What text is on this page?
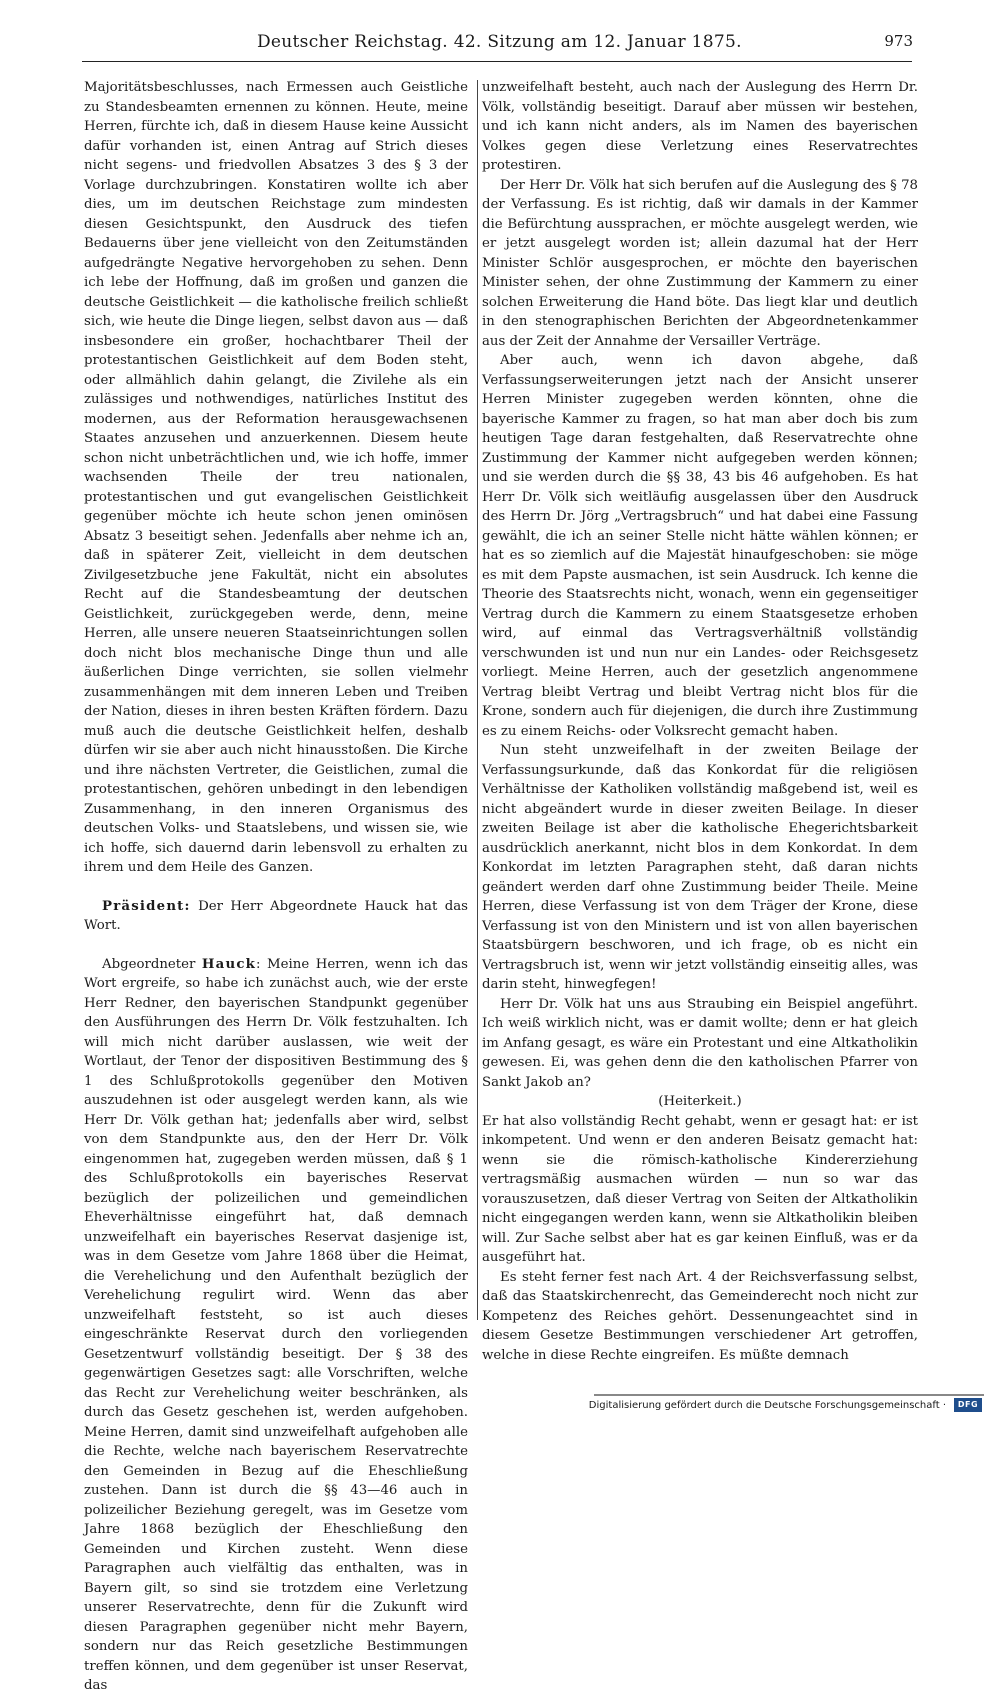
Deutscher Reichstag. 42. Sitzung am 12. Januar 1875.	973

Majoritätsbeschlusses, nach Ermessen auch Geistliche zu Standesbeamten ernennen zu können. Heute, meine Herren, fürchte ich, daß in diesem Hause keine Aussicht dafür vorhanden ist, einen Antrag auf Strich dieses nicht segens- und friedvollen Absatzes 3 des § 3 der Vorlage durchzubringen. Konstatiren wollte ich aber dies, um im deutschen Reichstage zum mindesten diesen Gesichtspunkt, den Ausdruck des tiefen Bedauerns über jene vielleicht von den Zeitumständen aufgedrängte Negative hervorgehoben zu sehen. Denn ich lebe der Hoffnung, daß im großen und ganzen die deutsche Geistlichkeit — die katholische freilich schließt sich, wie heute die Dinge liegen, selbst davon aus — daß insbesondere ein großer, hochachtbarer Theil der protestantischen Geistlichkeit auf dem Boden steht, oder allmählich dahin gelangt, die Zivilehe als ein zulässiges und nothwendiges, natürliches Institut des modernen, aus der Reformation herausgewachsenen Staates anzusehen und anzuerkennen. Diesem heute schon nicht unbeträchtlichen und, wie ich hoffe, immer wachsenden Theile der treu nationalen, protestantischen und gut evangelischen Geistlichkeit gegenüber möchte ich heute schon jenen ominösen Absatz 3 beseitigt sehen. Jedenfalls aber nehme ich an, daß in späterer Zeit, vielleicht in dem deutschen Zivilgesetzbuche jene Fakultät, nicht ein absolutes Recht auf die Standesbeamtung der deutschen Geistlichkeit, zurückgegeben werde, denn, meine Herren, alle unsere neueren Staatseinrichtungen sollen doch nicht blos mechanische Dinge thun und alle äußerlichen Dinge verrichten, sie sollen vielmehr zusammenhängen mit dem inneren Leben und Treiben der Nation, dieses in ihren besten Kräften fördern. Dazu muß auch die deutsche Geistlichkeit helfen, deshalb dürfen wir sie aber auch nicht hinausstoßen. Die Kirche und ihre nächsten Vertreter, die Geistlichen, zumal die protestantischen, gehören unbedingt in den lebendigen Zusammenhang, in den inneren Organismus des deutschen Volks- und Staatslebens, und wissen sie, wie ich hoffe, sich dauernd darin lebensvoll zu erhalten zu ihrem und dem Heile des Ganzen.

Präsident: Der Herr Abgeordnete Hauck hat das Wort.

Abgeordneter Hauck: Meine Herren, wenn ich das Wort ergreife, so habe ich zunächst auch, wie der erste Herr Redner, den bayerischen Standpunkt gegenüber den Ausführungen des Herrn Dr. Völk festzuhalten. Ich will mich nicht darüber auslassen, wie weit der Wortlaut, der Tenor der dispositiven Bestimmung des § 1 des Schlußprotokolls gegenüber den Motiven auszudehnen ist oder ausgelegt werden kann, als wie Herr Dr. Völk gethan hat; jedenfalls aber wird, selbst von dem Standpunkte aus, den der Herr Dr. Völk eingenommen hat, zugegeben werden müssen, daß § 1 des Schlußprotokolls ein bayerisches Reservat bezüglich der polizeilichen und gemeindlichen Eheverhältnisse eingeführt hat, daß demnach unzweifelhaft ein bayerisches Reservat dasjenige ist, was in dem Gesetze vom Jahre 1868 über die Heimat, die Verehelichung und den Aufenthalt bezüglich der Verehelichung regulirt wird. Wenn das aber unzweifelhaft feststeht, so ist auch dieses eingeschränkte Reservat durch den vorliegenden Gesetzentwurf vollständig beseitigt. Der § 38 des gegenwärtigen Gesetzes sagt: alle Vorschriften, welche das Recht zur Verehelichung weiter beschränken, als durch das Gesetz geschehen ist, werden aufgehoben. Meine Herren, damit sind unzweifelhaft aufgehoben alle die Rechte, welche nach bayerischem Reservatrechte den Gemeinden in Bezug auf die Eheschließung zustehen. Dann ist durch die §§ 43—46 auch in polizeilicher Beziehung geregelt, was im Gesetze vom Jahre 1868 bezüglich der Eheschließung den Gemeinden und Kirchen zusteht. Wenn diese Paragraphen auch vielfältig das enthalten, was in Bayern gilt, so sind sie trotzdem eine Verletzung unserer Reservatrechte, denn für die Zukunft wird diesen Paragraphen gegenüber nicht mehr Bayern, sondern nur das Reich gesetzliche Bestimmungen treffen können, und dem gegenüber ist unser Reservat, das

unzweifelhaft besteht, auch nach der Auslegung des Herrn Dr. Völk, vollständig beseitigt. Darauf aber müssen wir bestehen, und ich kann nicht anders, als im Namen des bayerischen Volkes gegen diese Verletzung eines Reservatrechtes protestiren.

Der Herr Dr. Völk hat sich berufen auf die Auslegung des § 78 der Verfassung. Es ist richtig, daß wir damals in der Kammer die Befürchtung aussprachen, er möchte ausgelegt werden, wie er jetzt ausgelegt worden ist; allein dazumal hat der Herr Minister Schlör ausgesprochen, er möchte den bayerischen Minister sehen, der ohne Zustimmung der Kammern zu einer solchen Erweiterung die Hand böte. Das liegt klar und deutlich in den stenographischen Berichten der Abgeordnetenkammer aus der Zeit der Annahme der Versailler Verträge.

Aber auch, wenn ich davon abgehe, daß Verfassungserweiterungen jetzt nach der Ansicht unserer Herren Minister zugegeben werden könnten, ohne die bayerische Kammer zu fragen, so hat man aber doch bis zum heutigen Tage daran festgehalten, daß Reservatrechte ohne Zustimmung der Kammer nicht aufgegeben werden können; und sie werden durch die §§ 38, 43 bis 46 aufgehoben. Es hat Herr Dr. Völk sich weitläufig ausgelassen über den Ausdruck des Herrn Dr. Jörg „Vertragsbruch“ und hat dabei eine Fassung gewählt, die ich an seiner Stelle nicht hätte wählen können; er hat es so ziemlich auf die Majestät hinaufgeschoben: sie möge es mit dem Papste ausmachen, ist sein Ausdruck. Ich kenne die Theorie des Staatsrechts nicht, wonach, wenn ein gegenseitiger Vertrag durch die Kammern zu einem Staatsgesetze erhoben wird, auf einmal das Vertragsverhältniß vollständig verschwunden ist und nun nur ein Landes- oder Reichsgesetz vorliegt. Meine Herren, auch der gesetzlich angenommene Vertrag bleibt Vertrag und bleibt Vertrag nicht blos für die Krone, sondern auch für diejenigen, die durch ihre Zustimmung es zu einem Reichs- oder Volksrecht gemacht haben.

Nun steht unzweifelhaft in der zweiten Beilage der Verfassungsurkunde, daß das Konkordat für die religiösen Verhältnisse der Katholiken vollständig maßgebend ist, weil es nicht abgeändert wurde in dieser zweiten Beilage. In dieser zweiten Beilage ist aber die katholische Ehegerichtsbarkeit ausdrücklich anerkannt, nicht blos in dem Konkordat. In dem Konkordat im letzten Paragraphen steht, daß daran nichts geändert werden darf ohne Zustimmung beider Theile. Meine Herren, diese Verfassung ist von dem Träger der Krone, diese Verfassung ist von den Ministern und ist von allen bayerischen Staatsbürgern beschworen, und ich frage, ob es nicht ein Vertragsbruch ist, wenn wir jetzt vollständig einseitig alles, was darin steht, hinwegfegen!

Herr Dr. Völk hat uns aus Straubing ein Beispiel angeführt. Ich weiß wirklich nicht, was er damit wollte; denn er hat gleich im Anfang gesagt, es wäre ein Protestant und eine Altkatholikin gewesen. Ei, was gehen denn die den katholischen Pfarrer von Sankt Jakob an?

(Heiterkeit.)

Er hat also vollständig Recht gehabt, wenn er gesagt hat: er ist inkompetent. Und wenn er den anderen Beisatz gemacht hat: wenn sie die römisch-katholische Kindererziehung vertragsmäßig ausmachen würden — nun so war das vorauszusetzen, daß dieser Vertrag von Seiten der Altkatholikin nicht eingegangen werden kann, wenn sie Altkatholikin bleiben will. Zur Sache selbst aber hat es gar keinen Einfluß, was er da ausgeführt hat.

Es steht ferner fest nach Art. 4 der Reichsverfassung selbst, daß das Staatskirchenrecht, das Gemeinderecht noch nicht zur Kompetenz des Reiches gehört. Dessenungeachtet sind in diesem Gesetze Bestimmungen verschiedener Art getroffen, welche in diese Rechte eingreifen. Es müßte demnach

Digitalisierung gefördert durch die Deutsche Forschungsgemeinschaft ·	DFG
